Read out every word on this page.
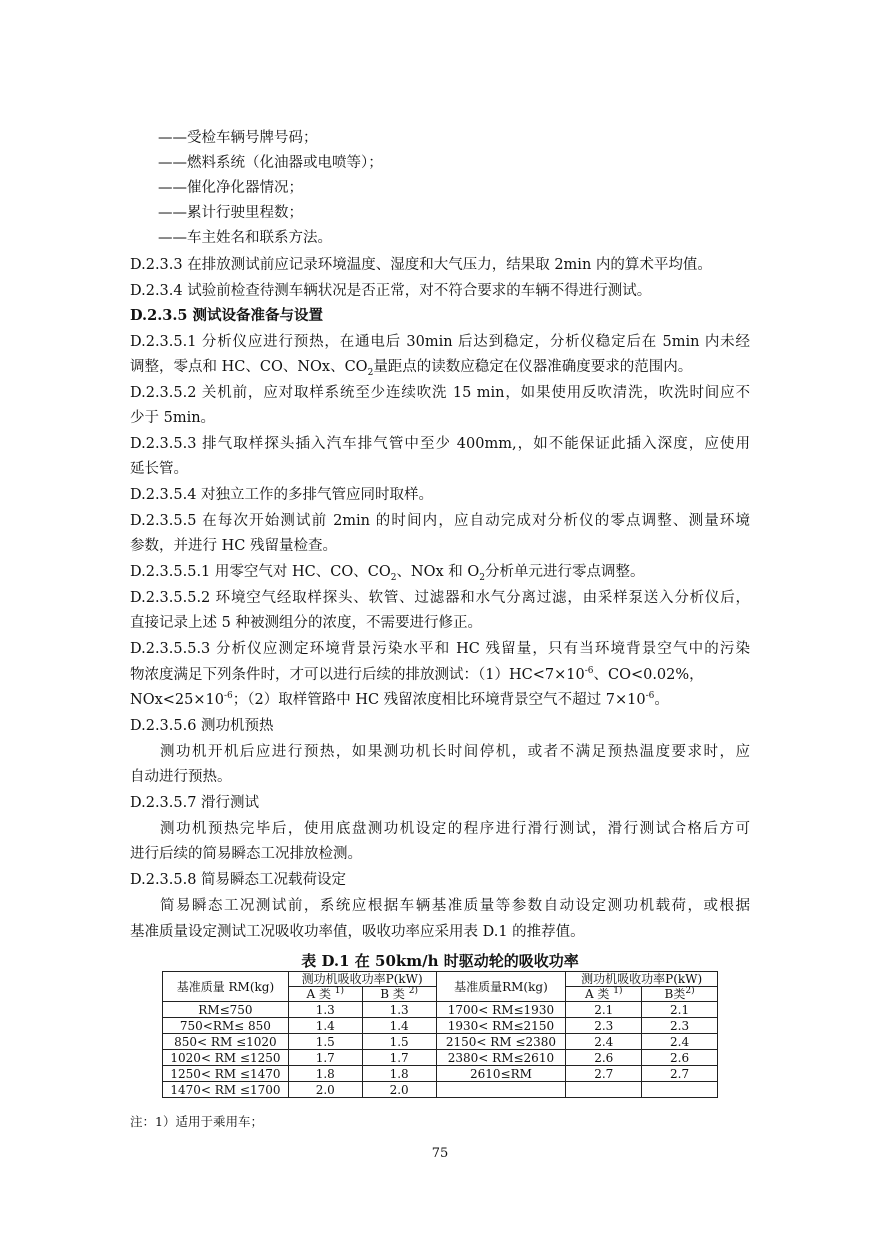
——受检车辆号牌号码；
——燃料系统（化油器或电喷等）；
——催化净化器情况；
——累计行驶里程数；
——车主姓名和联系方法。
D.2.3.3 在排放测试前应记录环境温度、湿度和大气压力，结果取 2min 内的算术平均值。
D.2.3.4 试验前检查待测车辆状况是否正常，对不符合要求的车辆不得进行测试。
D.2.3.5 测试设备准备与设置
D.2.3.5.1 分析仪应进行预热，在通电后 30min 后达到稳定，分析仪稳定后在 5min 内未经
调整，零点和 HC、CO、NOx、$CO_2$量距点的读数应稳定在仪器准确度要求的范围内。
D.2.3.5.2 关机前，应对取样系统至少连续吹洗 15 min，如果使用反吹清洗，吹洗时间应不
少于 5min。
D.2.3.5.3 排气取样探头插入汽车排气管中至少 400mm,，如不能保证此插入深度，应使用
延长管。
D.2.3.5.4 对独立工作的多排气管应同时取样。
D.2.3.5.5 在每次开始测试前 2min 的时间内，应自动完成对分析仪的零点调整、测量环境
参数，并进行 HC 残留量检查。
D.2.3.5.5.1 用零空气对 HC、CO、$CO_2$、NOx 和 $O_2$分析单元进行零点调整。
D.2.3.5.5.2 环境空气经取样探头、软管、过滤器和水气分离过滤，由采样泵送入分析仪后，
直接记录上述 5 种被测组分的浓度，不需要进行修正。
D.2.3.5.5.3 分析仪应测定环境背景污染水平和 HC 残留量，只有当环境背景空气中的污染
物浓度满足下列条件时，才可以进行后续的排放测试：$(1)HC<7\times 10^{-6}$、CO<0.02%，
$NOx<25\times 10^{-6}$；（2）取样管路中 HC 残留浓度相比环境背景空气不超过 $7\times 10^{-6}$。
D.2.3.5.6 测功机预热
测功机开机后应进行预热，如果测功机长时间停机，或者不满足预热温度要求时，应
自动进行预热。
D.2.3.5.7 滑行测试
测功机预热完毕后，使用底盘测功机设定的程序进行滑行测试，滑行测试合格后方可
进行后续的简易瞬态工况排放检测。
D.2.3.5.8 简易瞬态工况载荷设定
简易瞬态工况测试前，系统应根据车辆基准质量等参数自动设定测功机载荷，或根据
基准质量设定测试工况吸收功率值，吸收功率应采用表 D.1 的推荐值。
表 D.1 在 50km/h 时驱动轮的吸收功率
基准质量 RM(kg)	测功机吸收功率P(kW)		基准质量RM(kg)	测功机吸收功率P(kW)	
	A 类 $^{1)}$	B 类 $^{2)}$		A 类 $^{1)}$	B类$^{2)}$
RM≤750	1.3	1.3	1700< RM≤1930	2.1	2.1
750<RM≤ 850	1.4	1.4	1930< RM≤2150	2.3	2.3
850< RM ≤1020	1.5	1.5	2150< RM ≤2380	2.4	2.4
1020< RM ≤1250	1.7	1.7	2380< RM≤2610	2.6	2.6
1250< RM ≤1470	1.8	1.8	2610≤RM	2.7	2.7
1470< RM ≤1700	2.0	2.0			
注：1）适用于乘用车；
75
